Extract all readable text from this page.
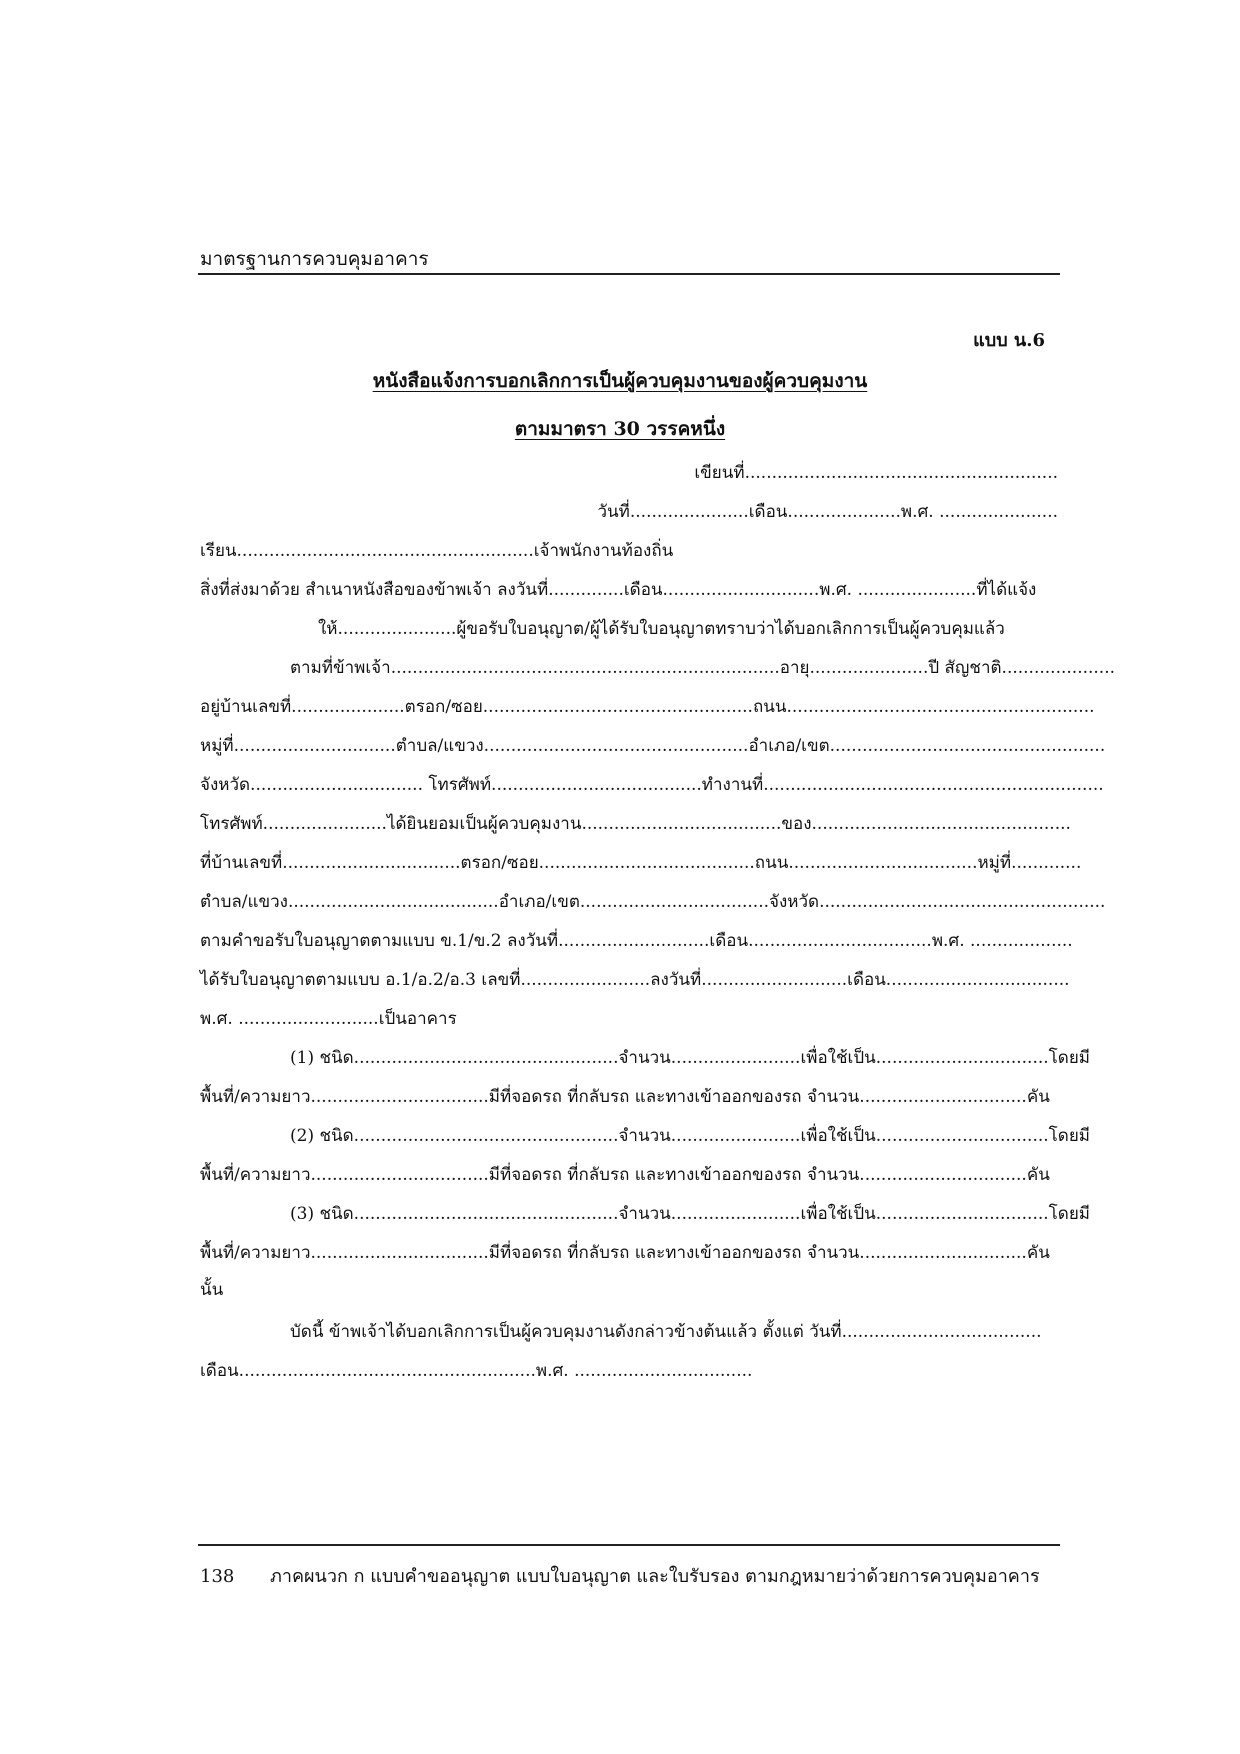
มาตรฐานการควบคุมอาคาร
แบบ น.6
หนังสือแจ้งการบอกเลิกการเป็นผู้ควบคุมงานของผู้ควบคุมงาน
ตามมาตรา 30 วรรคหนึ่ง
เขียนที่..........................................................
วันที่......................เดือน.....................พ.ศ. ......................
เรียน.......................................................เจ้าพนักงานท้องถิ่น
สิ่งที่ส่งมาด้วย สำเนาหนังสือของข้าพเจ้า ลงวันที่..............เดือน.............................พ.ศ. ......................ที่ได้แจ้ง
ให้......................ผู้ขอรับใบอนุญาต/ผู้ได้รับใบอนุญาตทราบว่าได้บอกเลิกการเป็นผู้ควบคุมแล้ว
ตามที่ข้าพเจ้า........................................................................อายุ......................ปี สัญชาติ.....................
อยู่บ้านเลขที่.....................ตรอก/ซอย..................................................ถนน.........................................................
หมู่ที่..............................ตำบล/แขวง.................................................อำเภอ/เขต...................................................
จังหวัด................................ โทรศัพท์.......................................ทำงานที่...............................................................
โทรศัพท์.......................ได้ยินยอมเป็นผู้ควบคุมงาน.....................................ของ................................................
ที่บ้านเลขที่.................................ตรอก/ซอย........................................ถนน...................................หมู่ที่.............
ตำบล/แขวง.......................................อำเภอ/เขต...................................จังหวัด.....................................................
ตามคำขอรับใบอนุญาตตามแบบ ข.1/ข.2 ลงวันที่............................เดือน..................................พ.ศ. ...................
ได้รับใบอนุญาตตามแบบ อ.1/อ.2/อ.3 เลขที่........................ลงวันที่...........................เดือน..................................
พ.ศ. ..........................เป็นอาคาร
(1) ชนิด.................................................จำนวน........................เพื่อใช้เป็น................................โดยมี
พื้นที่/ความยาว.................................มีที่จอดรถ ที่กลับรถ และทางเข้าออกของรถ จำนวน...............................คัน
(2) ชนิด.................................................จำนวน........................เพื่อใช้เป็น................................โดยมี
พื้นที่/ความยาว.................................มีที่จอดรถ ที่กลับรถ และทางเข้าออกของรถ จำนวน...............................คัน
(3) ชนิด.................................................จำนวน........................เพื่อใช้เป็น................................โดยมี
พื้นที่/ความยาว.................................มีที่จอดรถ ที่กลับรถ และทางเข้าออกของรถ จำนวน...............................คัน
นั้น
บัดนี้ ข้าพเจ้าได้บอกเลิกการเป็นผู้ควบคุมงานดังกล่าวข้างต้นแล้ว ตั้งแต่ วันที่.....................................
เดือน.......................................................พ.ศ. .................................
138 ภาคผนวก ก แบบคำขออนุญาต แบบใบอนุญาต และใบรับรอง ตามกฎหมายว่าด้วยการควบคุมอาคาร
